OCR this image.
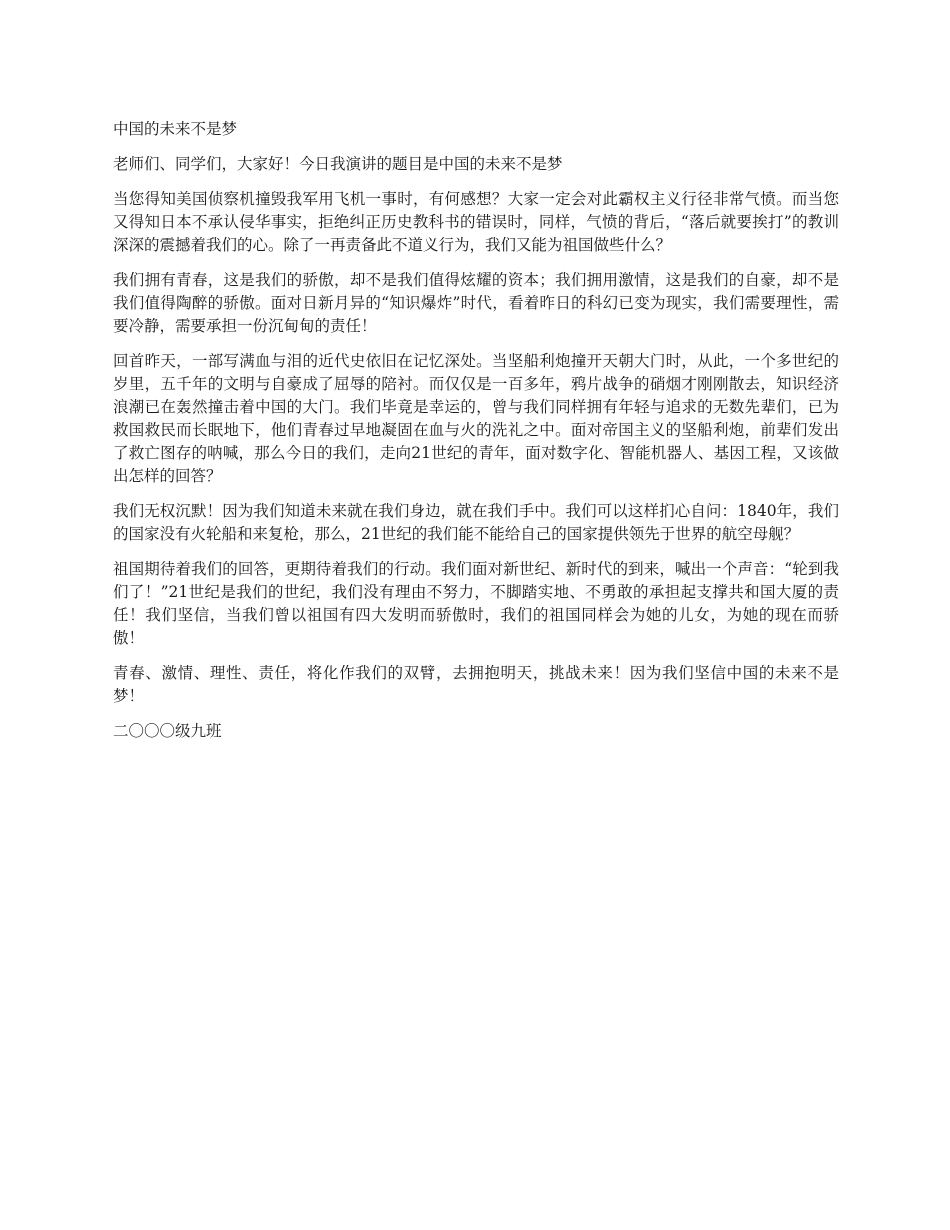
中国的未来不是梦

老师们、同学们，大家好！今日我演讲的题目是中国的未来不是梦

当您得知美国侦察机撞毁我军用飞机一事时，有何感想？大家一定会对此霸权主义行径非常气愤。而当您又得知日本不承认侵华事实，拒绝纠正历史教科书的错误时，同样，气愤的背后，“落后就要挨打”的教训深深的震撼着我们的心。除了一再责备此不道义行为，我们又能为祖国做些什么？

我们拥有青春，这是我们的骄傲，却不是我们值得炫耀的资本；我们拥用激情，这是我们的自豪，却不是我们值得陶醉的骄傲。面对日新月异的“知识爆炸”时代，看着昨日的科幻已变为现实，我们需要理性，需要冷静，需要承担一份沉甸甸的责任！

回首昨天，一部写满血与泪的近代史依旧在记忆深处。当坚船利炮撞开天朝大门时，从此，一个多世纪的岁里，五千年的文明与自豪成了屈辱的陪衬。而仅仅是一百多年，鸦片战争的硝烟才刚刚散去，知识经济浪潮已在轰然撞击着中国的大门。我们毕竟是幸运的，曾与我们同样拥有年轻与追求的无数先辈们，已为救国救民而长眠地下，他们青春过早地凝固在血与火的洗礼之中。面对帝国主义的坚船利炮，前辈们发出了救亡图存的呐喊，那么今日的我们，走向21世纪的青年，面对数字化、智能机器人、基因工程，又该做出怎样的回答？

我们无权沉默！因为我们知道未来就在我们身边，就在我们手中。我们可以这样扪心自问：1840年，我们的国家没有火轮船和来复枪，那么，21世纪的我们能不能给自己的国家提供领先于世界的航空母舰？

祖国期待着我们的回答，更期待着我们的行动。我们面对新世纪、新时代的到来，喊出一个声音：“轮到我们了！”21世纪是我们的世纪，我们没有理由不努力，不脚踏实地、不勇敢的承担起支撑共和国大厦的责任！我们坚信，当我们曾以祖国有四大发明而骄傲时，我们的祖国同样会为她的儿女，为她的现在而骄傲！

青春、激情、理性、责任，将化作我们的双臂，去拥抱明天，挑战未来！因为我们坚信中国的未来不是梦！

二〇〇〇级九班
